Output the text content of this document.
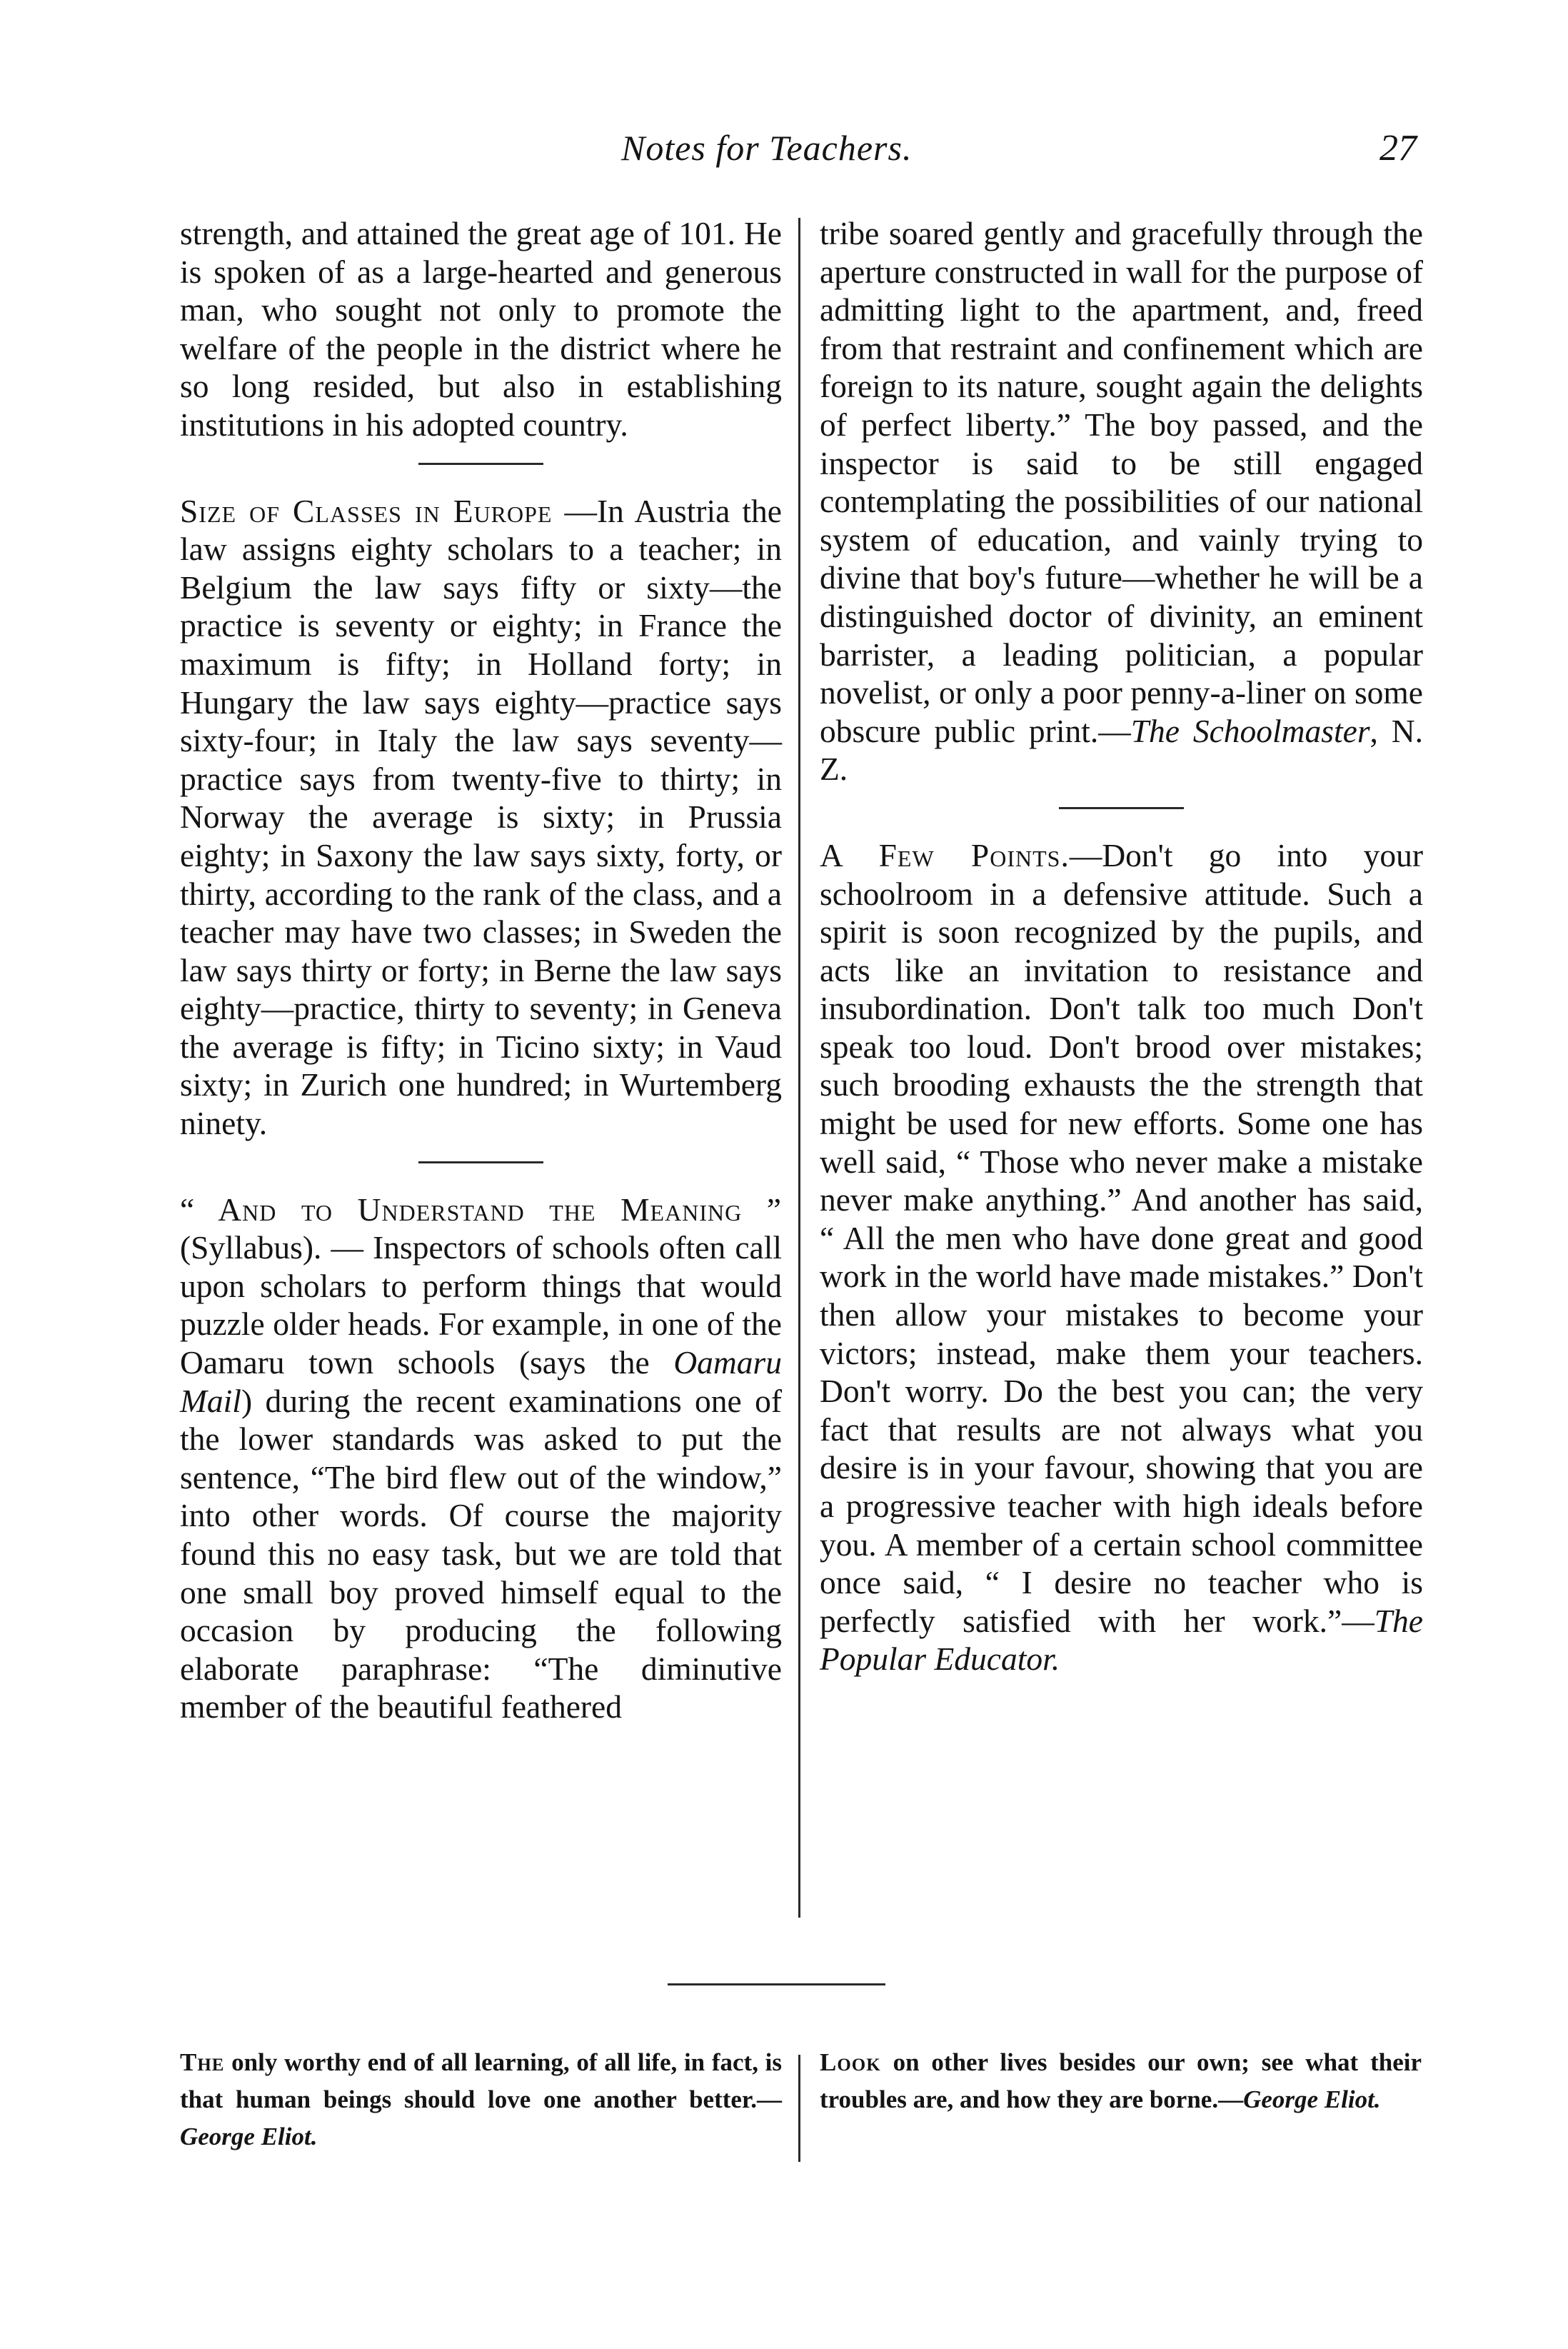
Notes for Teachers.	27

strength, and attained the great age of 101. He is spoken of as a large-hearted and generous man, who sought not only to promote the welfare of the people in the district where he so long resided, but also in establishing institutions in his adopted country.

Size of Classes in Europe —In Austria the law assigns eighty scholars to a teacher; in Belgium the law says fifty or sixty—the practice is seventy or eighty; in France the maximum is fifty; in Holland forty; in Hungary the law says eighty—practice says sixty-four; in Italy the law says seventy—practice says from twenty-five to thirty; in Norway the average is sixty; in Prussia eighty; in Saxony the law says sixty, forty, or thirty, according to the rank of the class, and a teacher may have two classes; in Sweden the law says thirty or forty; in Berne the law says eighty—practice, thirty to seventy; in Geneva the average is fifty; in Ticino sixty; in Vaud sixty; in Zurich one hundred; in Wurtemberg ninety.

“ And to Understand the Meaning ” (Syllabus). — Inspectors of schools often call upon scholars to perform things that would puzzle older heads. For example, in one of the Oamaru town schools (says the Oamaru Mail) during the recent examinations one of the lower standards was asked to put the sentence, “The bird flew out of the window,” into other words. Of course the majority found this no easy task, but we are told that one small boy proved himself equal to the occasion by producing the following elaborate paraphrase: “The diminutive member of the beautiful feathered

tribe soared gently and gracefully through the aperture constructed in wall for the purpose of admitting light to the apartment, and, freed from that restraint and confinement which are foreign to its nature, sought again the delights of perfect liberty.” The boy passed, and the inspector is said to be still engaged contemplating the possibilities of our national system of education, and vainly trying to divine that boy's future—whether he will be a distinguished doctor of divinity, an eminent barrister, a leading politician, a popular novelist, or only a poor penny-a-liner on some obscure public print.—The Schoolmaster, N. Z.

A Few Points.—Don't go into your schoolroom in a defensive attitude. Such a spirit is soon recognized by the pupils, and acts like an invitation to resistance and insubordination. Don't talk too much Don't speak too loud. Don't brood over mistakes; such brooding exhausts the the strength that might be used for new efforts. Some one has well said, “ Those who never make a mistake never make anything.” And another has said, “ All the men who have done great and good work in the world have made mistakes.” Don't then allow your mistakes to become your victors; instead, make them your teachers. Don't worry. Do the best you can; the very fact that results are not always what you desire is in your favour, showing that you are a progressive teacher with high ideals before you. A member of a certain school committee once said, “ I desire no teacher who is perfectly satisfied with her work.”—The Popular Educator.

The only worthy end of all learning, of all life, in fact, is that human beings should love one another better.—George Eliot.
Look on other lives besides our own; see what their troubles are, and how they are borne.—George Eliot.
